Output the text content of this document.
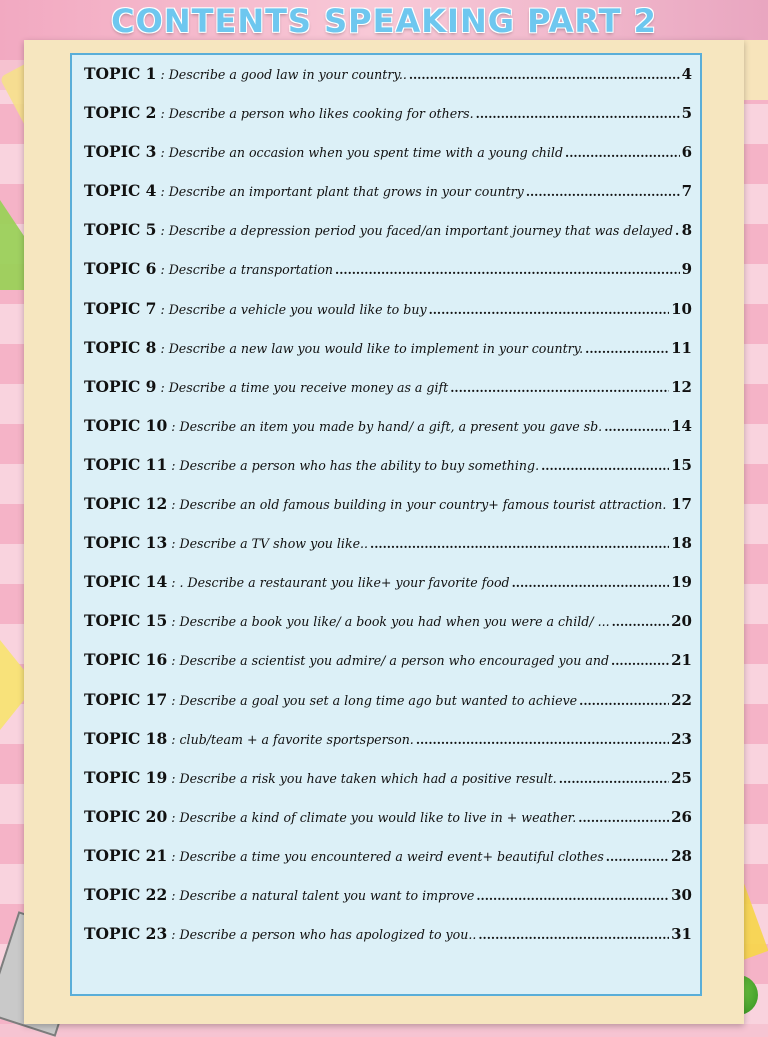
CONTENTS SPEAKING PART 2
TOPIC 1 : Describe a good law in your country.. .....	4
TOPIC 2 : Describe a person who likes cooking for others. .....	5
TOPIC 3 : Describe an occasion when you spent time with a young child .....	6
TOPIC 4 : Describe an important plant that grows in your country .....	7
TOPIC 5 : Describe a depression period you faced/an important journey that was delayed ..... 8
TOPIC 6 : Describe a transportation .....	9
TOPIC 7 : Describe a vehicle you would like to buy .....	10
TOPIC 8 : Describe a new law you would like to implement in your country. .....	11
TOPIC 9 : Describe a time you receive money as a gift .....	12
TOPIC 10 : Describe an item you made by hand/ a gift, a present you gave sb. .....	14
TOPIC 11 : Describe a person who has the ability to buy something. .....	15
TOPIC 12 : Describe an old famous building in your country+ famous tourist attraction. ..... 17
TOPIC 13 : Describe a TV show you like.. .....	18
TOPIC 14 : . Describe a restaurant you like+ your favorite food .....	19
TOPIC 15 : Describe a book you like/ a book you had when you were a child/ ... .....	20
TOPIC 16 : Describe a scientist you admire/ a person who encouraged you and .....	21
TOPIC 17 : Describe a goal you set a long time ago but wanted to achieve .....	22
TOPIC 18 : club/team + a favorite sportsperson. .....	23
TOPIC 19 : Describe a risk you have taken which had a positive result. .....	25
TOPIC 20 : Describe a kind of climate you would like to live in + weather. .....	26
TOPIC 21 : Describe a time you encountered a weird event+ beautiful clothes .....	28
TOPIC 22 : Describe a natural talent you want to improve .....	30
TOPIC 23 : Describe a person who has apologized to you.. .....	31
